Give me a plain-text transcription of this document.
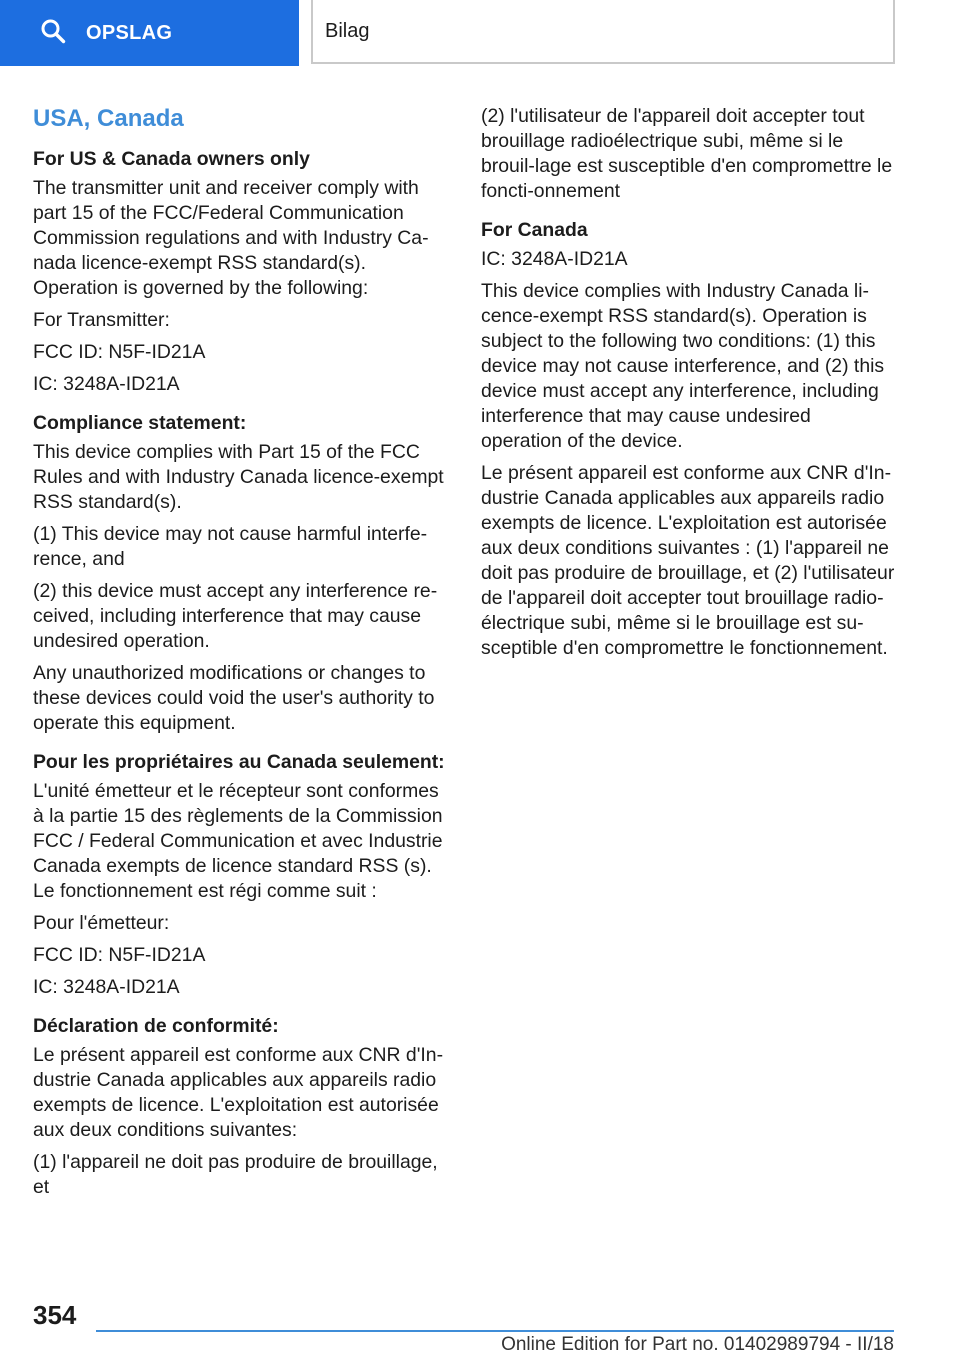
OPSLAG	Bilag
USA, Canada
For US & Canada owners only

The transmitter unit and receiver comply with part 15 of the FCC/Federal Communication Commission regulations and with Industry Ca-nada licence-exempt RSS standard(s). Operation is governed by the following:

For Transmitter:

FCC ID: N5F-ID21A

IC: 3248A-ID21A

Compliance statement:

This device complies with Part 15 of the FCC Rules and with Industry Canada licence-exempt RSS standard(s).

(1) This device may not cause harmful interfe-rence, and

(2) this device must accept any interference re-ceived, including interference that may cause undesired operation.

Any unauthorized modifications or changes to these devices could void the user's authority to operate this equipment.

Pour les propriétaires au Canada seulement:

L'unité émetteur et le récepteur sont conformes à la partie 15 des règlements de la Commission FCC / Federal Communication et avec Industrie Canada exempts de licence standard RSS (s). Le fonctionnement est régi comme suit :

Pour l'émetteur:

FCC ID: N5F-ID21A

IC: 3248A-ID21A

Déclaration de conformité:

Le présent appareil est conforme aux CNR d'In-dustrie Canada applicables aux appareils radio exempts de licence. L'exploitation est autorisée aux deux conditions suivantes:

(1) l'appareil ne doit pas produire de brouillage, et

(2) l'utilisateur de l'appareil doit accepter tout brouillage radioélectrique subi, même si le brouil-lage est susceptible d'en compromettre le foncti-onnement

For Canada

IC: 3248A-ID21A

This device complies with Industry Canada li-cence-exempt RSS standard(s). Operation is subject to the following two conditions: (1) this device may not cause interference, and (2) this device must accept any interference, including interference that may cause undesired operation of the device.

Le présent appareil est conforme aux CNR d'In-dustrie Canada applicables aux appareils radio exempts de licence. L'exploitation est autorisée aux deux conditions suivantes : (1) l'appareil ne doit pas produire de brouillage, et (2) l'utilisateur de l'appareil doit accepter tout brouillage radio-électrique subi, même si le brouillage est su-sceptible d'en compromettre le fonctionnement.

354
Online Edition for Part no. 01402989794 - II/18
